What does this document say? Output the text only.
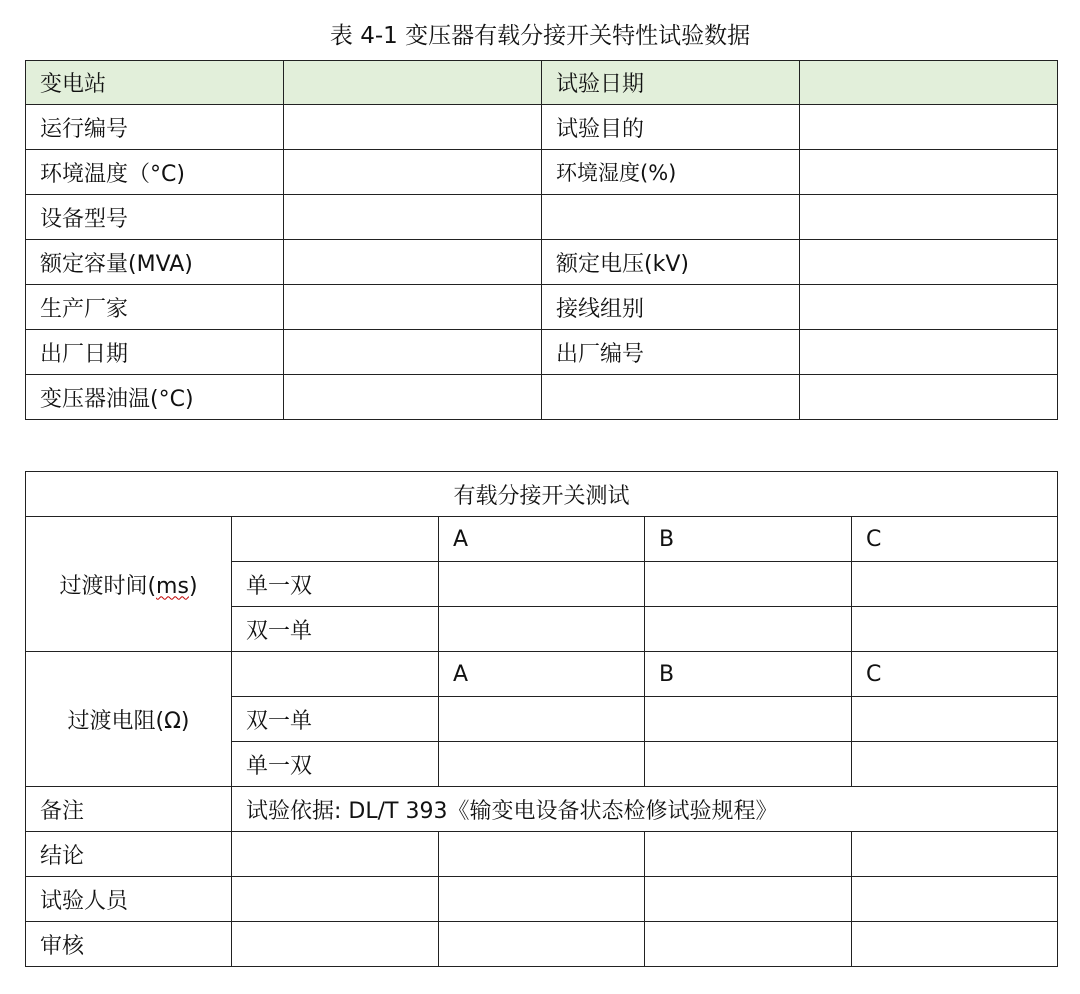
表 4-1 变压器有载分接开关特性试验数据
变电站		试验日期	
运行编号		试验目的	
环境温度（°C)		环境湿度(%)	
设备型号			
额定容量(MVA)		额定电压(kV)	
生产厂家		接线组别	
出厂日期		出厂编号	
变压器油温(°C)			
有载分接开关测试				
过渡时间(ms)		A	B	C
	单一双			
	双一单			
过渡电阻(Ω)		A	B	C
	双一单			
	单一双			
备注	试验依据: DL/T 393《输变电设备状态检修试验规程》			
结论				
试验人员				
审核				
